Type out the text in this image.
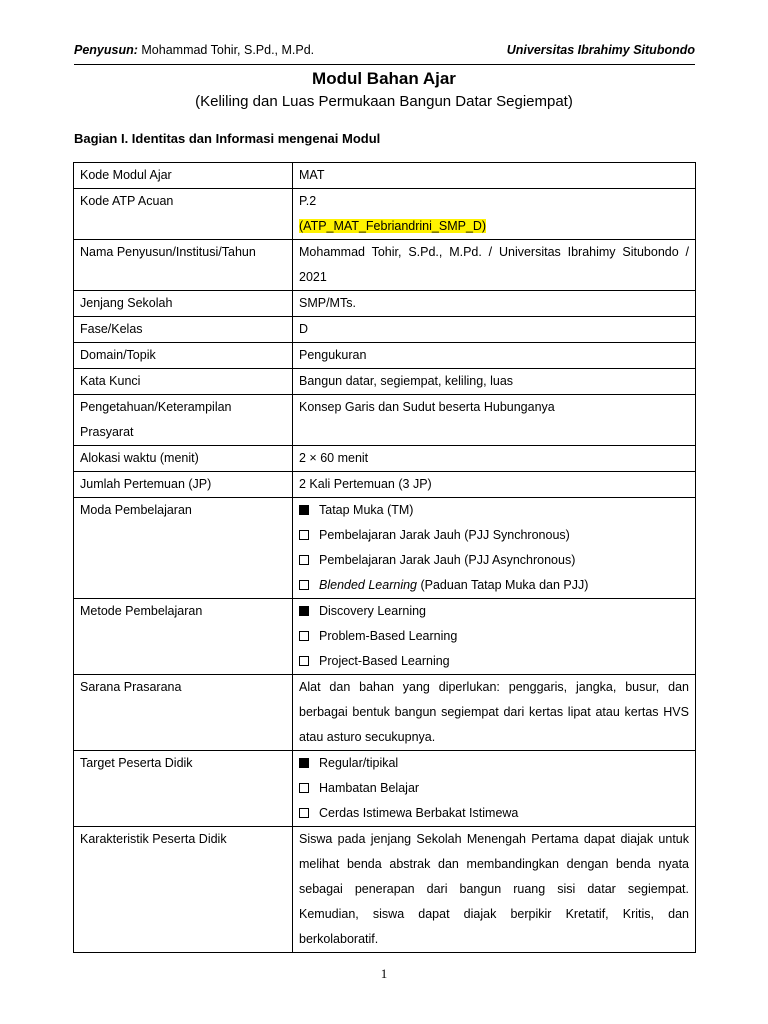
Penyusun: Mohammad Tohir, S.Pd., M.Pd.	Universitas Ibrahimy Situbondo
Modul Bahan Ajar
(Keliling dan Luas Permukaan Bangun Datar Segiempat)
Bagian I. Identitas dan Informasi mengenai Modul
Kode Modul Ajar	MAT
Kode ATP Acuan	P.2
(ATP_MAT_Febriandrini_SMP_D)
Nama Penyusun/Institusi/Tahun	Mohammad Tohir, S.Pd., M.Pd. / Universitas Ibrahimy Situbondo / 2021
Jenjang Sekolah	SMP/MTs.
Fase/Kelas	D
Domain/Topik	Pengukuran
Kata Kunci	Bangun datar, segiempat, keliling, luas

Pengetahuan/Keterampilan
Prasyarat	Konsep Garis dan Sudut beserta Hubunganya
Alokasi waktu (menit)	2 × 60 menit
Jumlah Pertemuan (JP)	2 Kali Pertemuan (3 JP)
Moda Pembelajaran	Tatap Muka (TM)
Pembelajaran Jarak Jauh (PJJ Synchronous)
Pembelajaran Jarak Jauh (PJJ Asynchronous)
Blended Learning (Paduan Tatap Muka dan PJJ)

Metode Pembelajaran	Discovery Learning
Problem-Based Learning
Project-Based Learning

Sarana Prasarana	Alat dan bahan yang diperlukan: penggaris, jangka, busur, dan berbagai bentuk bangun segiempat dari kertas lipat atau kertas HVS atau asturo secukupnya.
Target Peserta Didik	Regular/tipikal
Hambatan Belajar
Cerdas Istimewa Berbakat Istimewa

Karakteristik Peserta Didik	Siswa pada jenjang Sekolah Menengah Pertama dapat diajak untuk melihat benda abstrak dan membandingkan dengan benda nyata sebagai penerapan dari bangun ruang sisi datar segiempat. Kemudian, siswa dapat diajak berpikir Kretatif, Kritis, dan berkolaboratif.
1
